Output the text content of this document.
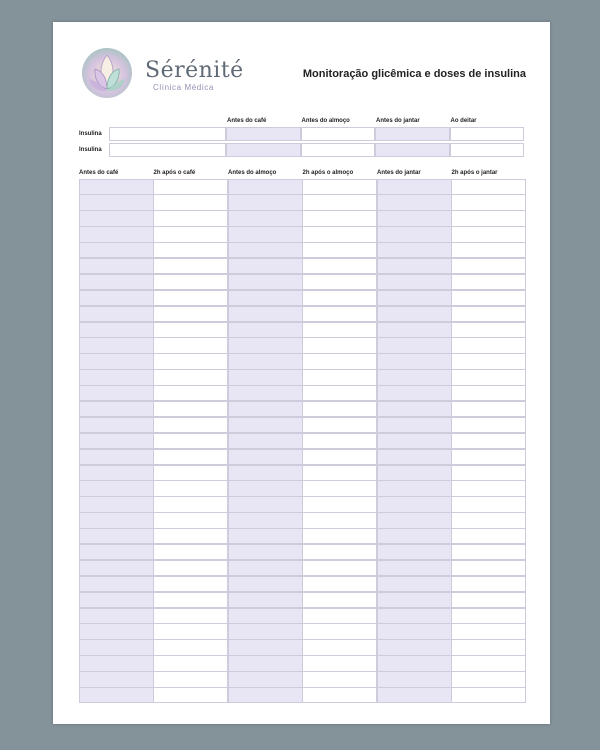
Sérénité
Clínica Médica
Monitoração glicêmica e doses de insulina
Antes do café	Antes do almoço	Antes do jantar	Ao deitar
Insulina
Insulina
Antes do café	2h após o café	Antes do almoço	2h após o almoço	Antes do jantar	2h após o jantar
